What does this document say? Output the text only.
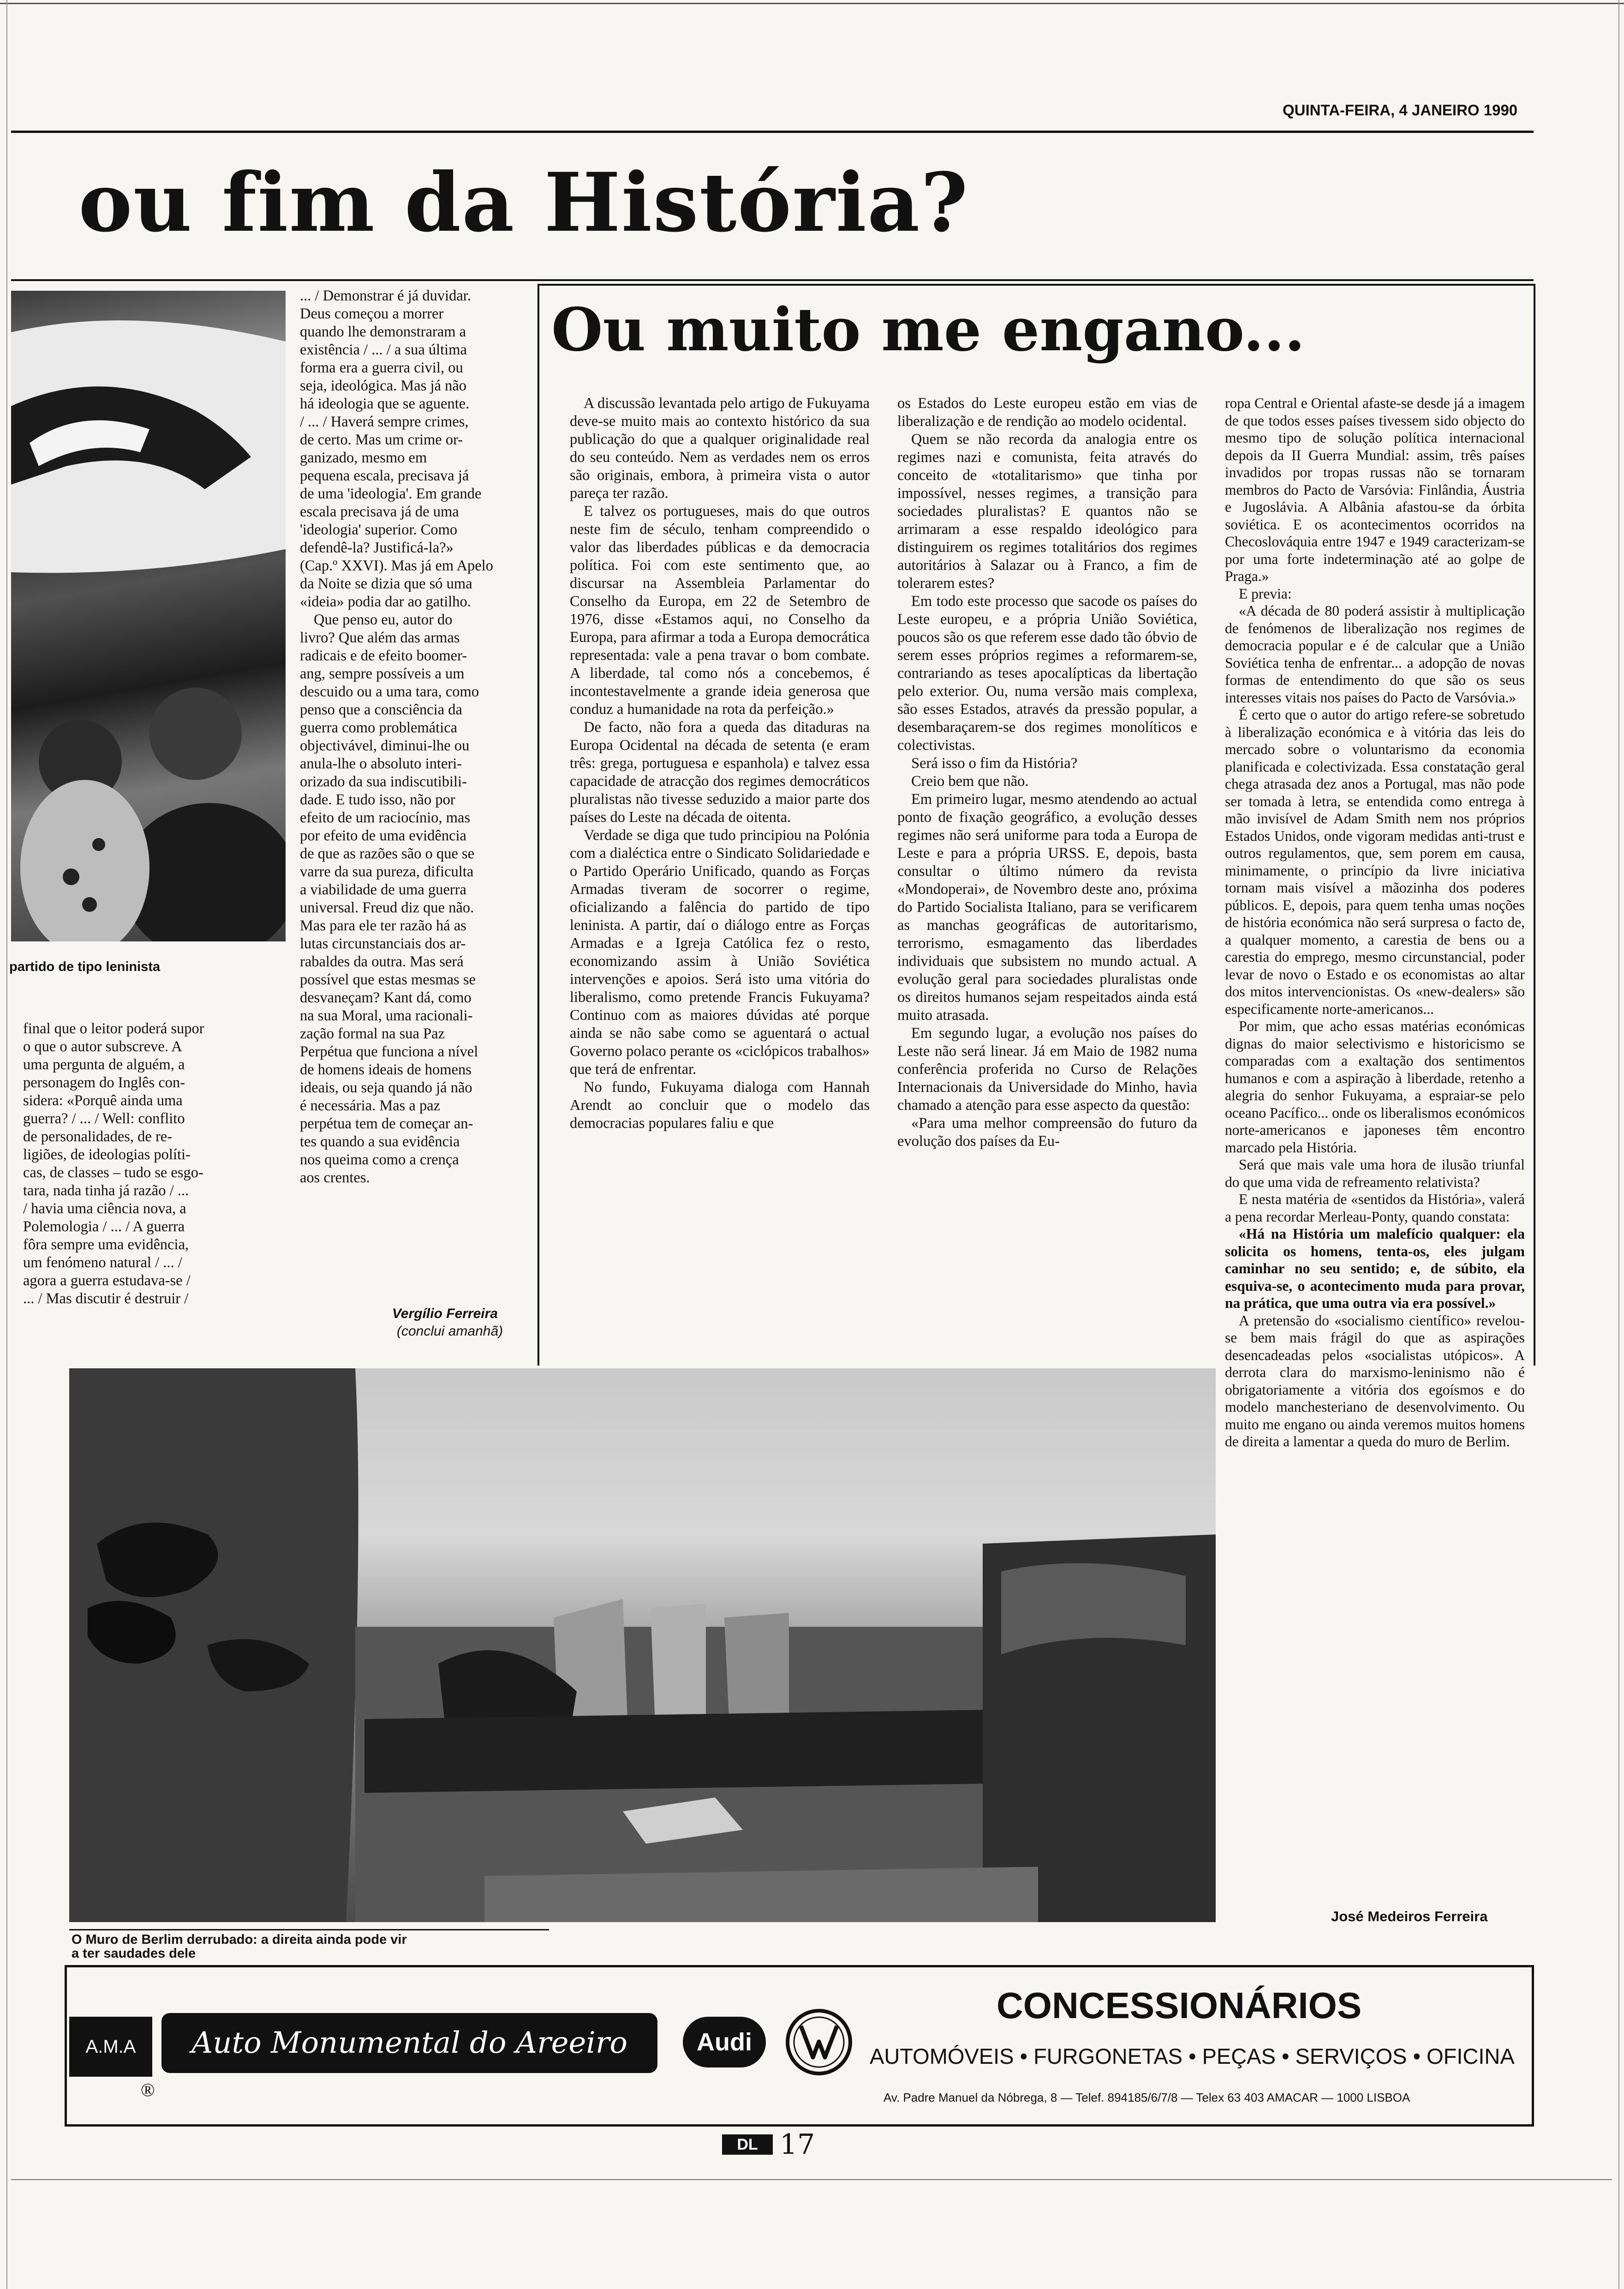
QUINTA-FEIRA, 4 JANEIRO 1990
ou fim da História?
partido de tipo leninista
final que o leitor poderá supor
o que o autor subscreve. A
uma pergunta de alguém, a
personagem do Inglês con-
sidera: «Porquê ainda uma
guerra? / ... / Well: conflito
de personalidades, de re-
ligiões, de ideologias políti-
cas, de classes – tudo se esgo-
tara, nada tinha já razão / ...
/ havia uma ciência nova, a
Polemologia / ... / A guerra
fôra sempre uma evidência,
um fenómeno natural / ... /
agora a guerra estudava-se /
... / Mas discutir é destruir /
... / Demonstrar é já duvidar.
Deus começou a morrer
quando lhe demonstraram a
existência / ... / a sua última
forma era a guerra civil, ou
seja, ideológica. Mas já não
há ideologia que se aguente.
/ ... / Haverá sempre crimes,
de certo. Mas um crime or-
ganizado, mesmo em
pequena escala, precisava já
de uma 'ideologia'. Em grande
escala precisava já de uma
'ideologia' superior. Como
defendê-la? Justificá-la?»
(Cap.º XXVI). Mas já em Apelo
da Noite se dizia que só uma
«ideia» podia dar ao gatilho.
Que penso eu, autor do
livro? Que além das armas
radicais e de efeito boomer-
ang, sempre possíveis a um
descuido ou a uma tara, como
penso que a consciência da
guerra como problemática
objectivável, diminui-lhe ou
anula-lhe o absoluto interi-
orizado da sua indiscutibili-
dade. E tudo isso, não por
efeito de um raciocínio, mas
por efeito de uma evidência
de que as razões são o que se
varre da sua pureza, dificulta
a viabilidade de uma guerra
universal. Freud diz que não.
Mas para ele ter razão há as
lutas circunstanciais dos ar-
rabaldes da outra. Mas será
possível que estas mesmas se
desvaneçam? Kant dá, como
na sua Moral, uma racionali-
zação formal na sua Paz
Perpétua que funciona a nível
de homens ideais de homens
ideais, ou seja quando já não
é necessária. Mas a paz
perpétua tem de começar an-
tes quando a sua evidência
nos queima como a crença
aos crentes.
Vergílio Ferreira
(conclui amanhã)
Ou muito me engano...

A discussão levantada pelo artigo de Fukuyama deve-se muito mais ao contexto histórico da sua publicação do que a qualquer originalidade real do seu conteúdo. Nem as verdades nem os erros são originais, embora, à primeira vista o autor pareça ter razão.

E talvez os portugueses, mais do que outros neste fim de século, tenham compreendido o valor das liberdades públicas e da democracia política. Foi com este sentimento que, ao discursar na Assembleia Parlamentar do Conselho da Europa, em 22 de Setembro de 1976, disse «Estamos aqui, no Conselho da Europa, para afirmar a toda a Europa democrática representada: vale a pena travar o bom combate. A liberdade, tal como nós a concebemos, é incontestavelmente a grande ideia generosa que conduz a humanidade na rota da perfeição.»

De facto, não fora a queda das ditaduras na Europa Ocidental na década de setenta (e eram três: grega, portuguesa e espanhola) e talvez essa capacidade de atracção dos regimes democráticos pluralistas não tivesse seduzido a maior parte dos países do Leste na década de oitenta.

Verdade se diga que tudo principiou na Polónia com a dialéctica entre o Sindicato Solidariedade e o Partido Operário Unificado, quando as Forças Armadas tiveram de socorrer o regime, oficializando a falência do partido de tipo leninista. A partir, daí o diálogo entre as Forças Armadas e a Igreja Católica fez o resto, economizando assim à União Soviética intervenções e apoios. Será isto uma vitória do liberalismo, como pretende Francis Fukuyama? Continuo com as maiores dúvidas até porque ainda se não sabe como se aguentará o actual Governo polaco perante os «ciclópicos trabalhos» que terá de enfrentar.

No fundo, Fukuyama dialoga com Hannah Arendt ao concluir que o modelo das democracias populares faliu e que

os Estados do Leste europeu estão em vias de liberalização e de rendição ao modelo ocidental.

Quem se não recorda da analogia entre os regimes nazi e comunista, feita através do conceito de «totalitarismo» que tinha por impossível, nesses regimes, a transição para sociedades pluralistas? E quantos não se arrimaram a esse respaldo ideológico para distinguirem os regimes totalitários dos regimes autoritários à Salazar ou à Franco, a fim de tolerarem estes?

Em todo este processo que sacode os países do Leste europeu, e a própria União Soviética, poucos são os que referem esse dado tão óbvio de serem esses próprios regimes a reformarem-se, contrariando as teses apocalípticas da libertação pelo exterior. Ou, numa versão mais complexa, são esses Estados, através da pressão popular, a desembaraçarem-se dos regimes monolíticos e colectivistas.

Será isso o fim da História?

Creio bem que não.

Em primeiro lugar, mesmo atendendo ao actual ponto de fixação geográfico, a evolução desses regimes não será uniforme para toda a Europa de Leste e para a própria URSS. E, depois, basta consultar o último número da revista «Mondoperai», de Novembro deste ano, próxima do Partido Socialista Italiano, para se verificarem as manchas geográficas de autoritarismo, terrorismo, esmagamento das liberdades individuais que subsistem no mundo actual. A evolução geral para sociedades pluralistas onde os direitos humanos sejam respeitados ainda está muito atrasada.

Em segundo lugar, a evolução nos países do Leste não será linear. Já em Maio de 1982 numa conferência proferida no Curso de Relações Internacionais da Universidade do Minho, havia chamado a atenção para esse aspecto da questão:

«Para uma melhor compreensão do futuro da evolução dos países da Eu-

ropa Central e Oriental afaste-se desde já a imagem de que todos esses países tivessem sido objecto do mesmo tipo de solução política internacional depois da II Guerra Mundial: assim, três países invadidos por tropas russas não se tornaram membros do Pacto de Varsóvia: Finlândia, Áustria e Jugoslávia. A Albânia afastou-se da órbita soviética. E os acontecimentos ocorridos na Checoslováquia entre 1947 e 1949 caracterizam-se por uma forte indeterminação até ao golpe de Praga.»

E previa:

«A década de 80 poderá assistir à multiplicação de fenómenos de liberalização nos regimes de democracia popular e é de calcular que a União Soviética tenha de enfrentar... a adopção de novas formas de entendimento do que são os seus interesses vitais nos países do Pacto de Varsóvia.»

É certo que o autor do artigo refere-se sobretudo à liberalização económica e à vitória das leis do mercado sobre o voluntarismo da economia planificada e colectivizada. Essa constatação geral chega atrasada dez anos a Portugal, mas não pode ser tomada à letra, se entendida como entrega à mão invisível de Adam Smith nem nos próprios Estados Unidos, onde vigoram medidas anti-trust e outros regulamentos, que, sem porem em causa, minimamente, o princípio da livre iniciativa tornam mais visível a mãozinha dos poderes públicos. E, depois, para quem tenha umas noções de história económica não será surpresa o facto de, a qualquer momento, a carestia de bens ou a carestia do emprego, mesmo circunstancial, poder levar de novo o Estado e os economistas ao altar dos mitos intervencionistas. Os «new-dealers» são especificamente norte-americanos...

Por mim, que acho essas matérias económicas dignas do maior selectivismo e historicismo se comparadas com a exaltação dos sentimentos humanos e com a aspiração à liberdade, retenho a alegria do senhor Fukuyama, a espraiar-se pelo oceano Pacífico... onde os liberalismos económicos norte-americanos e japoneses têm encontro marcado pela História.

Será que mais vale uma hora de ilusão triunfal do que uma vida de refreamento relativista?

E nesta matéria de «sentidos da História», valerá a pena recordar Merleau-Ponty, quando constata:

«Há na História um malefício qualquer: ela solicita os homens, tenta-os, eles julgam caminhar no seu sentido; e, de súbito, ela esquiva-se, o acontecimento muda para provar, na prática, que uma outra via era possível.»

A pretensão do «socialismo científico» revelou-se bem mais frágil do que as aspirações desencadeadas pelos «socialistas utópicos». A derrota clara do marxismo-leninismo não é obrigatoriamente a vitória dos egoísmos e do modelo manchesteriano de desenvolvimento. Ou muito me engano ou ainda veremos muitos homens de direita a lamentar a queda do muro de Berlim.

José Medeiros Ferreira
O Muro de Berlim derrubado: a direita ainda pode vir
a ter saudades dele
A.M.A	Auto Monumental do Areeiro
®
Audi
VW
CONCESSIONÁRIOS
AUTOMÓVEIS • FURGONETAS • PEÇAS • SERVIÇOS • OFICINA
Av. Padre Manuel da Nóbrega, 8 — Telef. 894185/6/7/8 — Telex 63 403 AMACAR — 1000 LISBOA
DL 17
